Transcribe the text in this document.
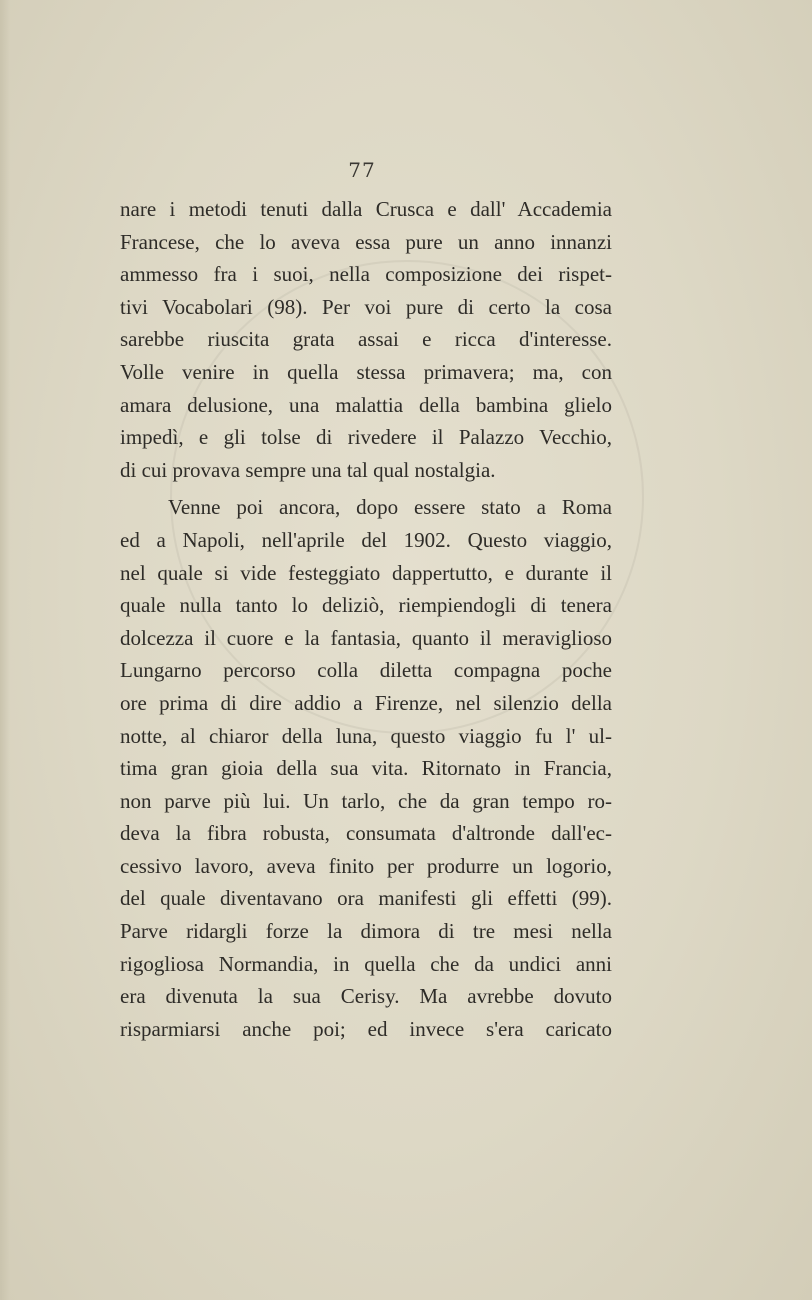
77
nare i metodi tenuti dalla Crusca e dall' Accademia
Francese, che lo aveva essa pure un anno innanzi
ammesso fra i suoi, nella composizione dei rispet-
tivi Vocabolari (98). Per voi pure di certo la cosa
sarebbe riuscita grata assai e ricca d'interesse.
Volle venire in quella stessa primavera; ma, con
amara delusione, una malattia della bambina glielo
impedì, e gli tolse di rivedere il Palazzo Vecchio,
di cui provava sempre una tal qual nostalgia.
Venne poi ancora, dopo essere stato a Roma
ed a Napoli, nell'aprile del 1902. Questo viaggio,
nel quale si vide festeggiato dappertutto, e durante il
quale nulla tanto lo deliziò, riempiendogli di tenera
dolcezza il cuore e la fantasia, quanto il meraviglioso
Lungarno percorso colla diletta compagna poche
ore prima di dire addio a Firenze, nel silenzio della
notte, al chiaror della luna, questo viaggio fu l' ul-
tima gran gioia della sua vita. Ritornato in Francia,
non parve più lui. Un tarlo, che da gran tempo ro-
deva la fibra robusta, consumata d'altronde dall'ec-
cessivo lavoro, aveva finito per produrre un logorio,
del quale diventavano ora manifesti gli effetti (99).
Parve ridargli forze la dimora di tre mesi nella
rigogliosa Normandia, in quella che da undici anni
era divenuta la sua Cerisy. Ma avrebbe dovuto
risparmiarsi anche poi; ed invece s'era caricato
